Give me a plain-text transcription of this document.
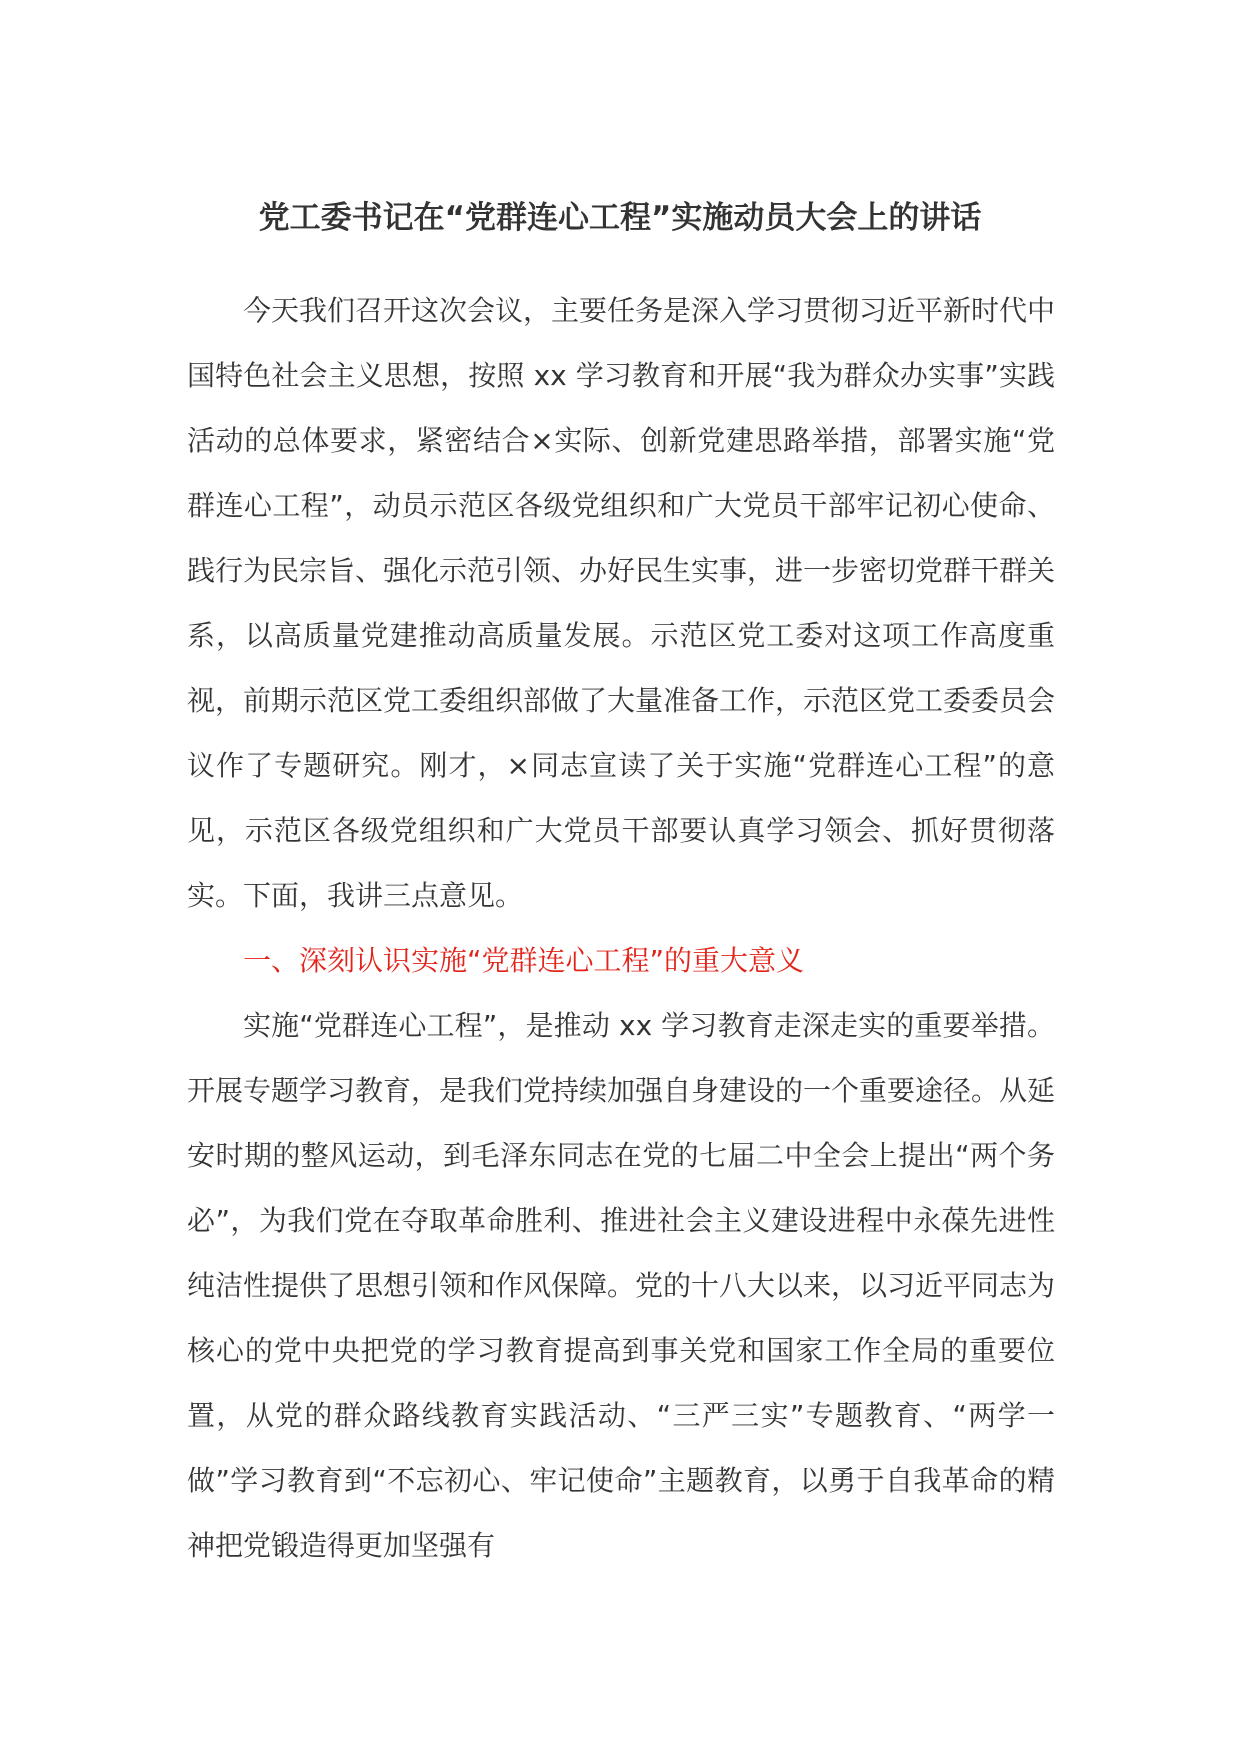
党工委书记在“党群连心工程”实施动员大会上的讲话

今天我们召开这次会议，主要任务是深入学习贯彻习近平新时代中国特色社会主义思想，按照 xx 学习教育和开展“我为群众办实事”实践活动的总体要求，紧密结合×实际、创新党建思路举措，部署实施“党群连心工程”，动员示范区各级党组织和广大党员干部牢记初心使命、践行为民宗旨、强化示范引领、办好民生实事，进一步密切党群干群关系，以高质量党建推动高质量发展。示范区党工委对这项工作高度重视，前期示范区党工委组织部做了大量准备工作，示范区党工委委员会议作了专题研究。刚才，×同志宣读了关于实施“党群连心工程”的意见，示范区各级党组织和广大党员干部要认真学习领会、抓好贯彻落实。下面，我讲三点意见。

一、深刻认识实施“党群连心工程”的重大意义

实施“党群连心工程”，是推动 xx 学习教育走深走实的重要举措。开展专题学习教育，是我们党持续加强自身建设的一个重要途径。从延安时期的整风运动，到毛泽东同志在党的七届二中全会上提出“两个务必”，为我们党在夺取革命胜利、推进社会主义建设进程中永葆先进性纯洁性提供了思想引领和作风保障。党的十八大以来，以习近平同志为核心的党中央把党的学习教育提高到事关党和国家工作全局的重要位置，从党的群众路线教育实践活动、“三严三实”专题教育、“两学一做”学习教育到“不忘初心、牢记使命”主题教育，以勇于自我革命的精神把党锻造得更加坚强有
